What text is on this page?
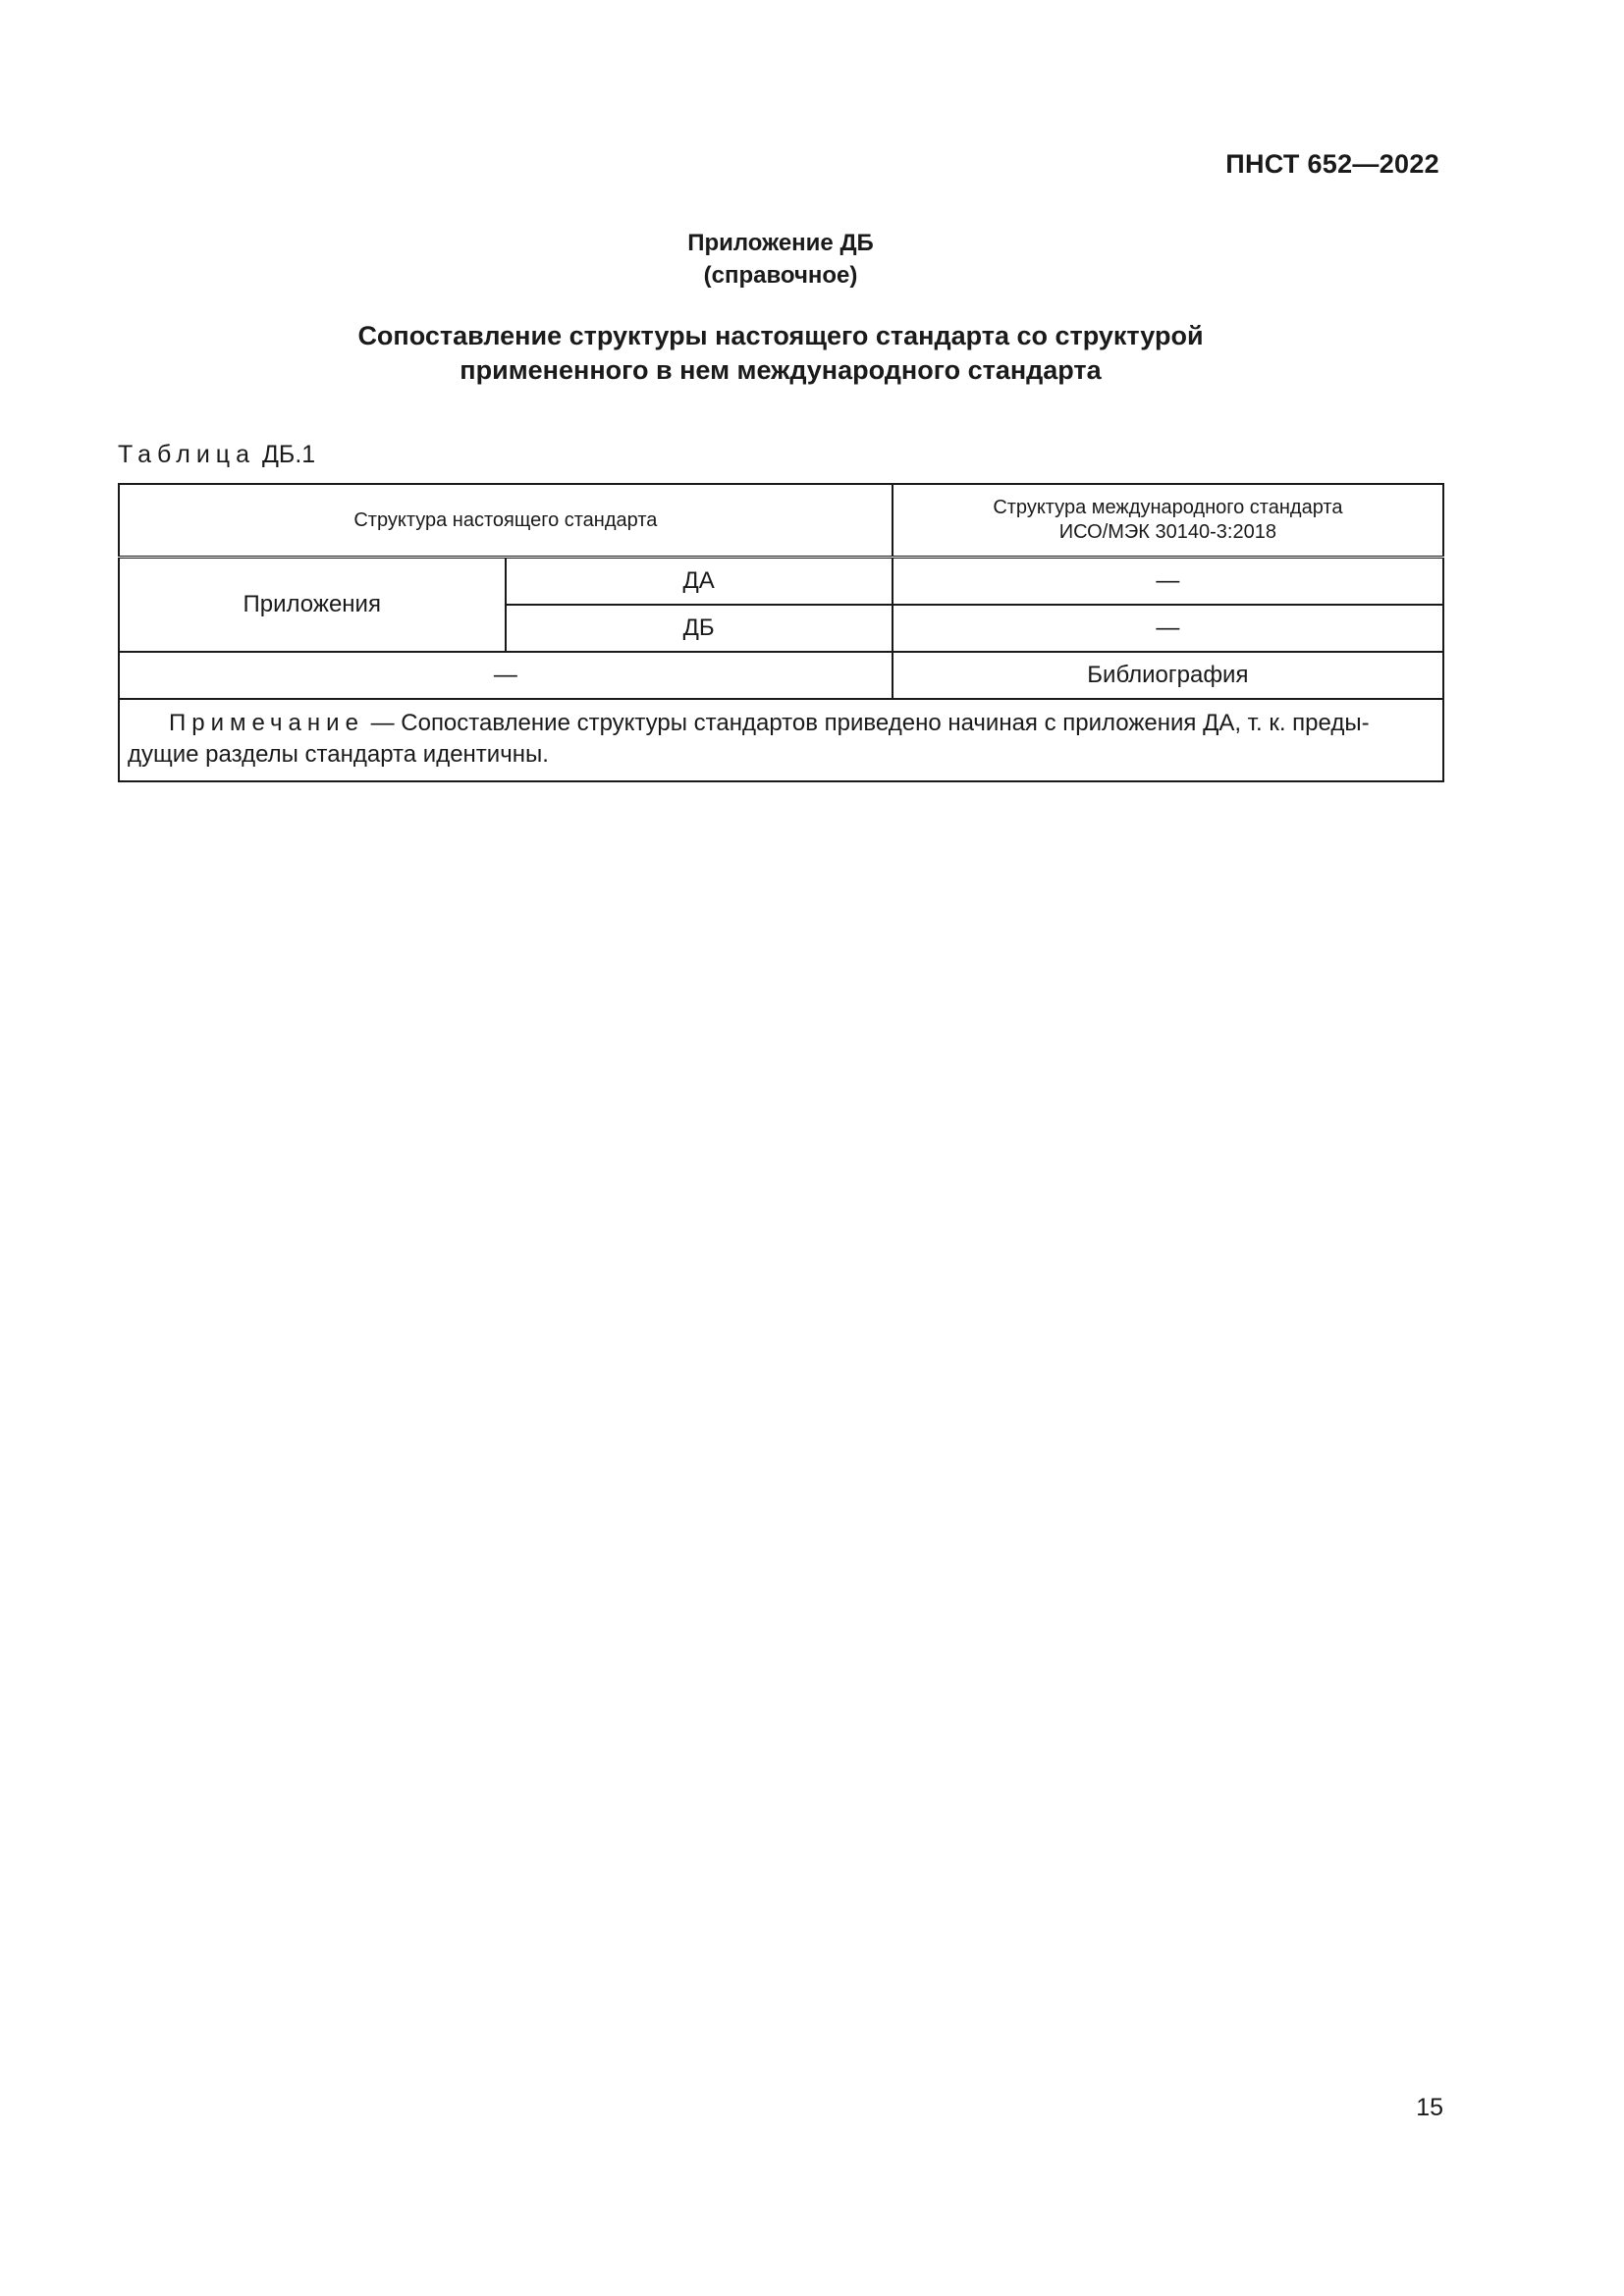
ПНСТ 652—2022
Приложение ДБ
(справочное)
Сопоставление структуры настоящего стандарта со структурой
примененного в нем международного стандарта
Таблица ДБ.1
Структура настоящего стандарта		Структура международного стандарта
ИСО/МЭК 30140-3:2018

Приложения	ДА	—
	ДБ	—
—		Библиография

Примечание — Сопоставление структуры стандартов приведено начиная с приложения ДА, т. к. преды-
дущие разделы стандарта идентичны.		
15
